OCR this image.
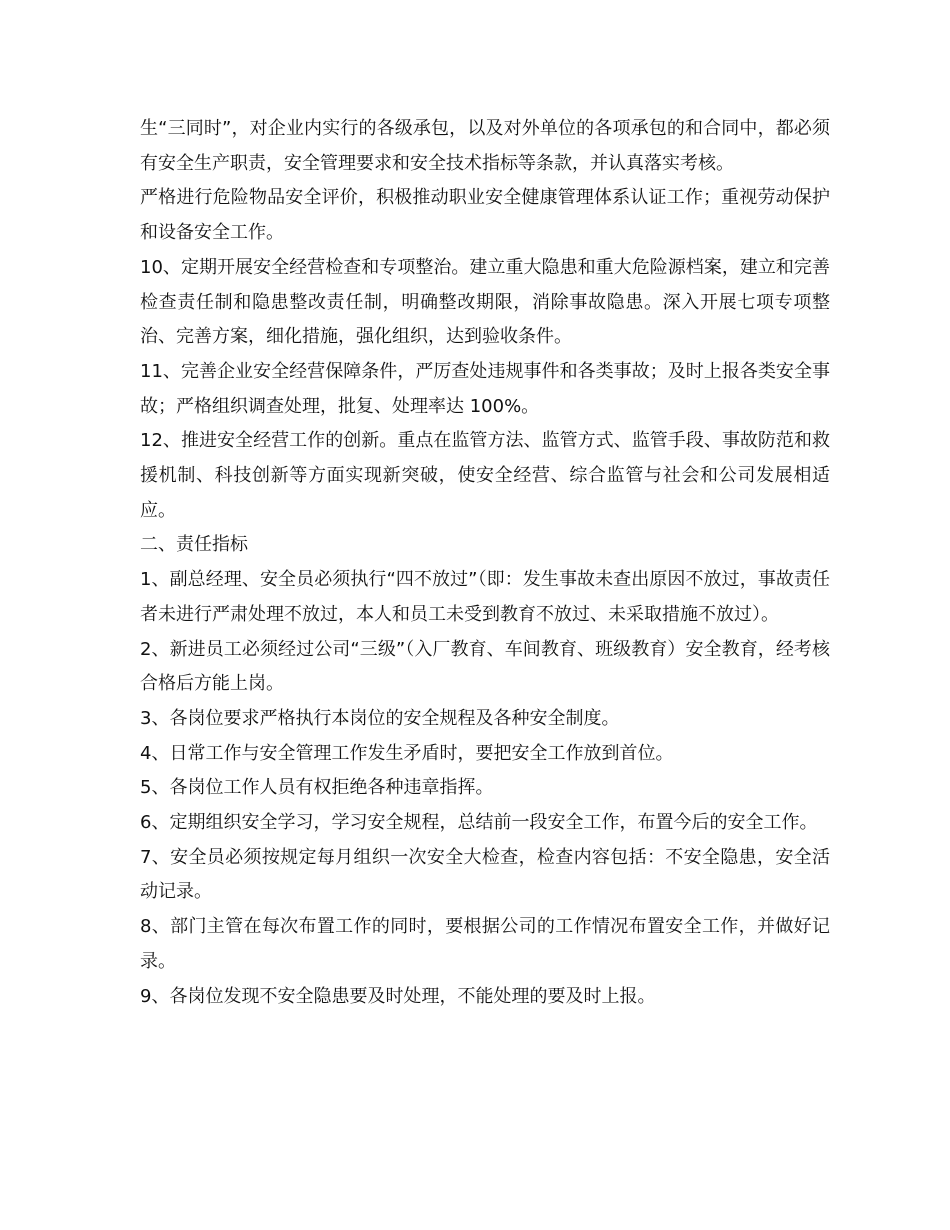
生“三同时”，对企业内实行的各级承包，以及对外单位的各项承包的和合同中，都必须有安全生产职责，安全管理要求和安全技术指标等条款，并认真落实考核。

严格进行危险物品安全评价，积极推动职业安全健康管理体系认证工作；重视劳动保护和设备安全工作。

10、定期开展安全经营检查和专项整治。建立重大隐患和重大危险源档案，建立和完善检查责任制和隐患整改责任制，明确整改期限，消除事故隐患。深入开展七项专项整治、完善方案，细化措施，强化组织，达到验收条件。

11、完善企业安全经营保障条件，严厉查处违规事件和各类事故；及时上报各类安全事故；严格组织调查处理，批复、处理率达 100%。

12、推进安全经营工作的创新。重点在监管方法、监管方式、监管手段、事故防范和救援机制、科技创新等方面实现新突破，使安全经营、综合监管与社会和公司发展相适应。

二、责任指标

1、副总经理、安全员必须执行“四不放过”（即：发生事故未查出原因不放过，事故责任者未进行严肃处理不放过，本人和员工未受到教育不放过、未采取措施不放过）。

2、新进员工必须经过公司“三级”（入厂教育、车间教育、班级教育）安全教育，经考核合格后方能上岗。

3、各岗位要求严格执行本岗位的安全规程及各种安全制度。

4、日常工作与安全管理工作发生矛盾时，要把安全工作放到首位。

5、各岗位工作人员有权拒绝各种违章指挥。

6、定期组织安全学习，学习安全规程，总结前一段安全工作，布置今后的安全工作。

7、安全员必须按规定每月组织一次安全大检查，检查内容包括：不安全隐患，安全活动记录。

8、部门主管在每次布置工作的同时，要根据公司的工作情况布置安全工作，并做好记录。

9、各岗位发现不安全隐患要及时处理，不能处理的要及时上报。
